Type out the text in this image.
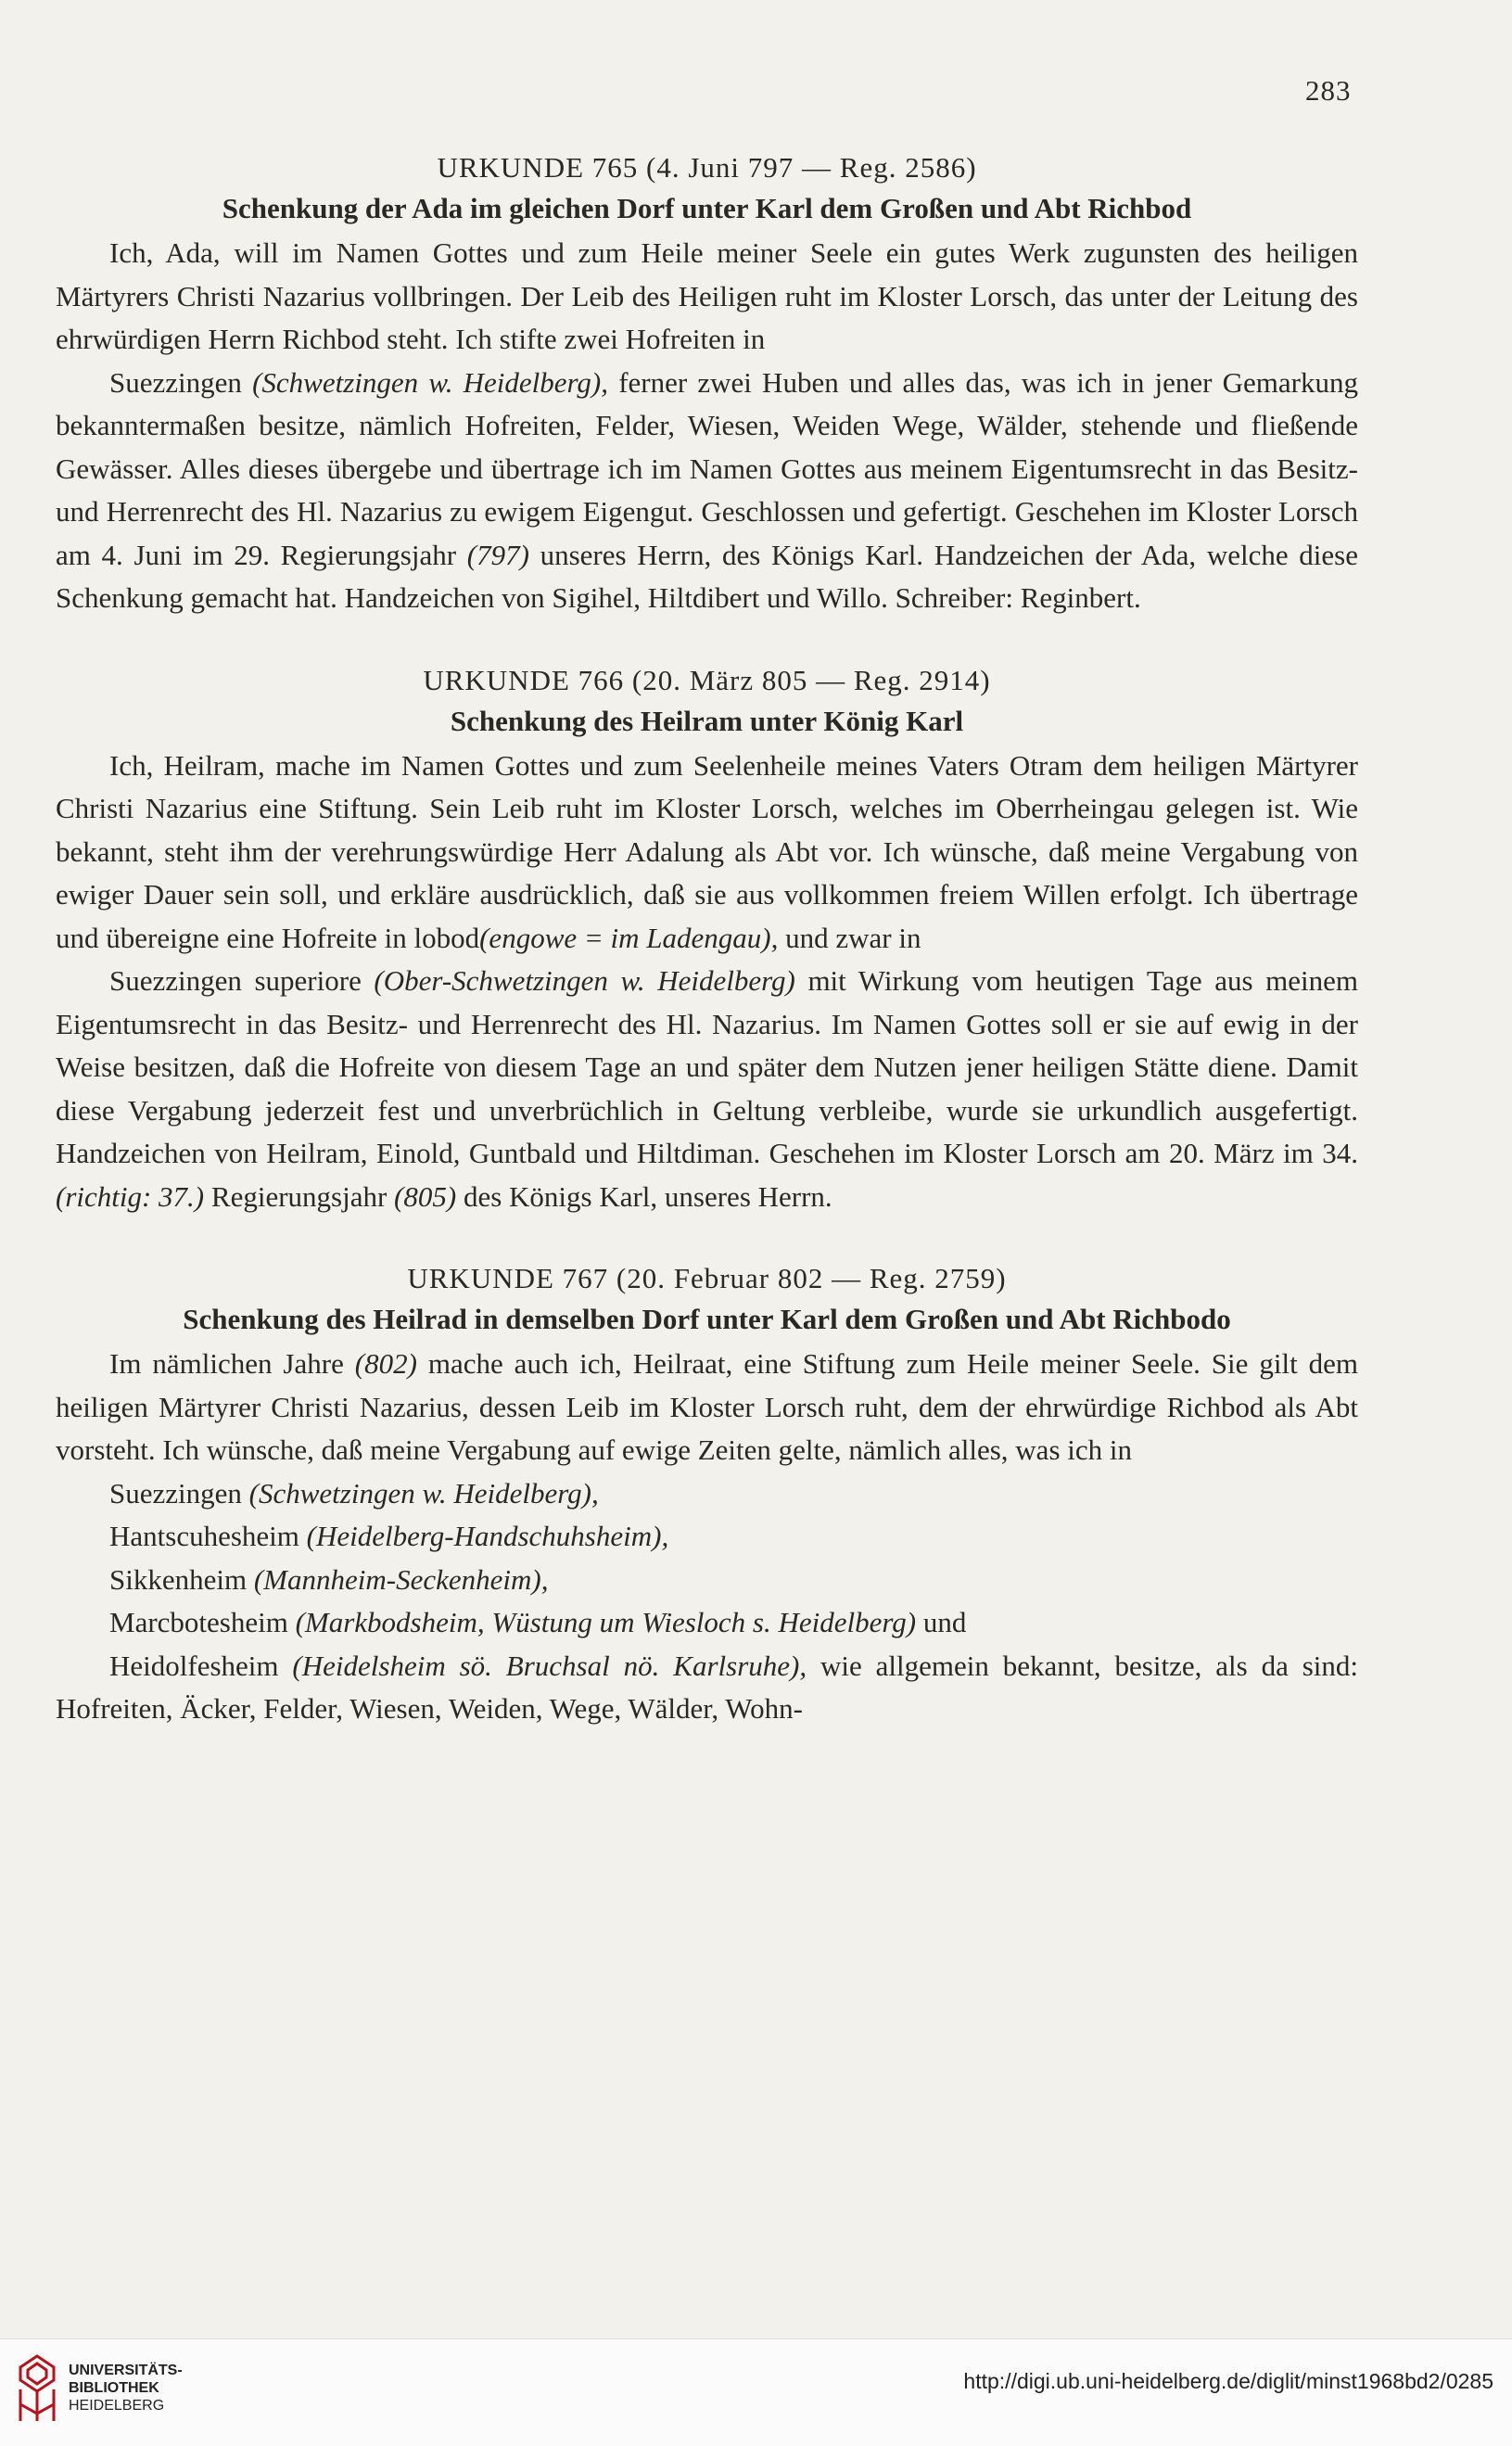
283

URKUNDE 765 (4. Juni 797 — Reg. 2586)

Schenkung der Ada im gleichen Dorf unter Karl dem Großen und Abt Richbod

Ich, Ada, will im Namen Gottes und zum Heile meiner Seele ein gutes Werk zugunsten des heiligen Märtyrers Christi Nazarius vollbringen. Der Leib des Heiligen ruht im Kloster Lorsch, das unter der Leitung des ehrwürdigen Herrn Richbod steht. Ich stifte zwei Hofreiten in

Suezzingen (Schwetzingen w. Heidelberg), ferner zwei Huben und alles das, was ich in jener Gemarkung bekanntermaßen besitze, nämlich Hofreiten, Felder, Wiesen, Weiden Wege, Wälder, stehende und fließende Gewässer. Alles dieses übergebe und übertrage ich im Namen Gottes aus meinem Eigentumsrecht in das Besitz- und Herrenrecht des Hl. Nazarius zu ewigem Eigengut. Geschlossen und gefertigt. Geschehen im Kloster Lorsch am 4. Juni im 29. Regierungsjahr (797) unseres Herrn, des Königs Karl. Handzeichen der Ada, welche diese Schenkung gemacht hat. Handzeichen von Sigihel, Hiltdibert und Willo. Schreiber: Reginbert.

URKUNDE 766 (20. März 805 — Reg. 2914)

Schenkung des Heilram unter König Karl

Ich, Heilram, mache im Namen Gottes und zum Seelenheile meines Vaters Otram dem heiligen Märtyrer Christi Nazarius eine Stiftung. Sein Leib ruht im Kloster Lorsch, welches im Oberrheingau gelegen ist. Wie bekannt, steht ihm der verehrungswürdige Herr Adalung als Abt vor. Ich wünsche, daß meine Vergabung von ewiger Dauer sein soll, und erkläre ausdrücklich, daß sie aus vollkommen freiem Willen erfolgt. Ich übertrage und übereigne eine Hofreite in lobod(engowe = im Ladengau), und zwar in

Suezzingen superiore (Ober-Schwetzingen w. Heidelberg) mit Wirkung vom heutigen Tage aus meinem Eigentumsrecht in das Besitz- und Herrenrecht des Hl. Nazarius. Im Namen Gottes soll er sie auf ewig in der Weise besitzen, daß die Hofreite von diesem Tage an und später dem Nutzen jener heiligen Stätte diene. Damit diese Vergabung jederzeit fest und unverbrüchlich in Geltung verbleibe, wurde sie urkundlich ausgefertigt. Handzeichen von Heilram, Einold, Guntbald und Hiltdiman. Geschehen im Kloster Lorsch am 20. März im 34. (richtig: 37.) Regierungsjahr (805) des Königs Karl, unseres Herrn.

URKUNDE 767 (20. Februar 802 — Reg. 2759)

Schenkung des Heilrad in demselben Dorf unter Karl dem Großen und Abt Richbodo

Im nämlichen Jahre (802) mache auch ich, Heilraat, eine Stiftung zum Heile meiner Seele. Sie gilt dem heiligen Märtyrer Christi Nazarius, dessen Leib im Kloster Lorsch ruht, dem der ehrwürdige Richbod als Abt vorsteht. Ich wünsche, daß meine Vergabung auf ewige Zeiten gelte, nämlich alles, was ich in

Suezzingen (Schwetzingen w. Heidelberg),

Hantscuhesheim (Heidelberg-Handschuhsheim),

Sikkenheim (Mannheim-Seckenheim),

Marcbotesheim (Markbodsheim, Wüstung um Wiesloch s. Heidelberg) und

Heidolfesheim (Heidelsheim sö. Bruchsal nö. Karlsruhe), wie allgemein bekannt, besitze, als da sind: Hofreiten, Äcker, Felder, Wiesen, Weiden, Wege, Wälder, Wohn-

UNIVERSITÄTS-
BIBLIOTHEK
HEIDELBERG
http://digi.ub.uni-heidelberg.de/diglit/minst1968bd2/0285
